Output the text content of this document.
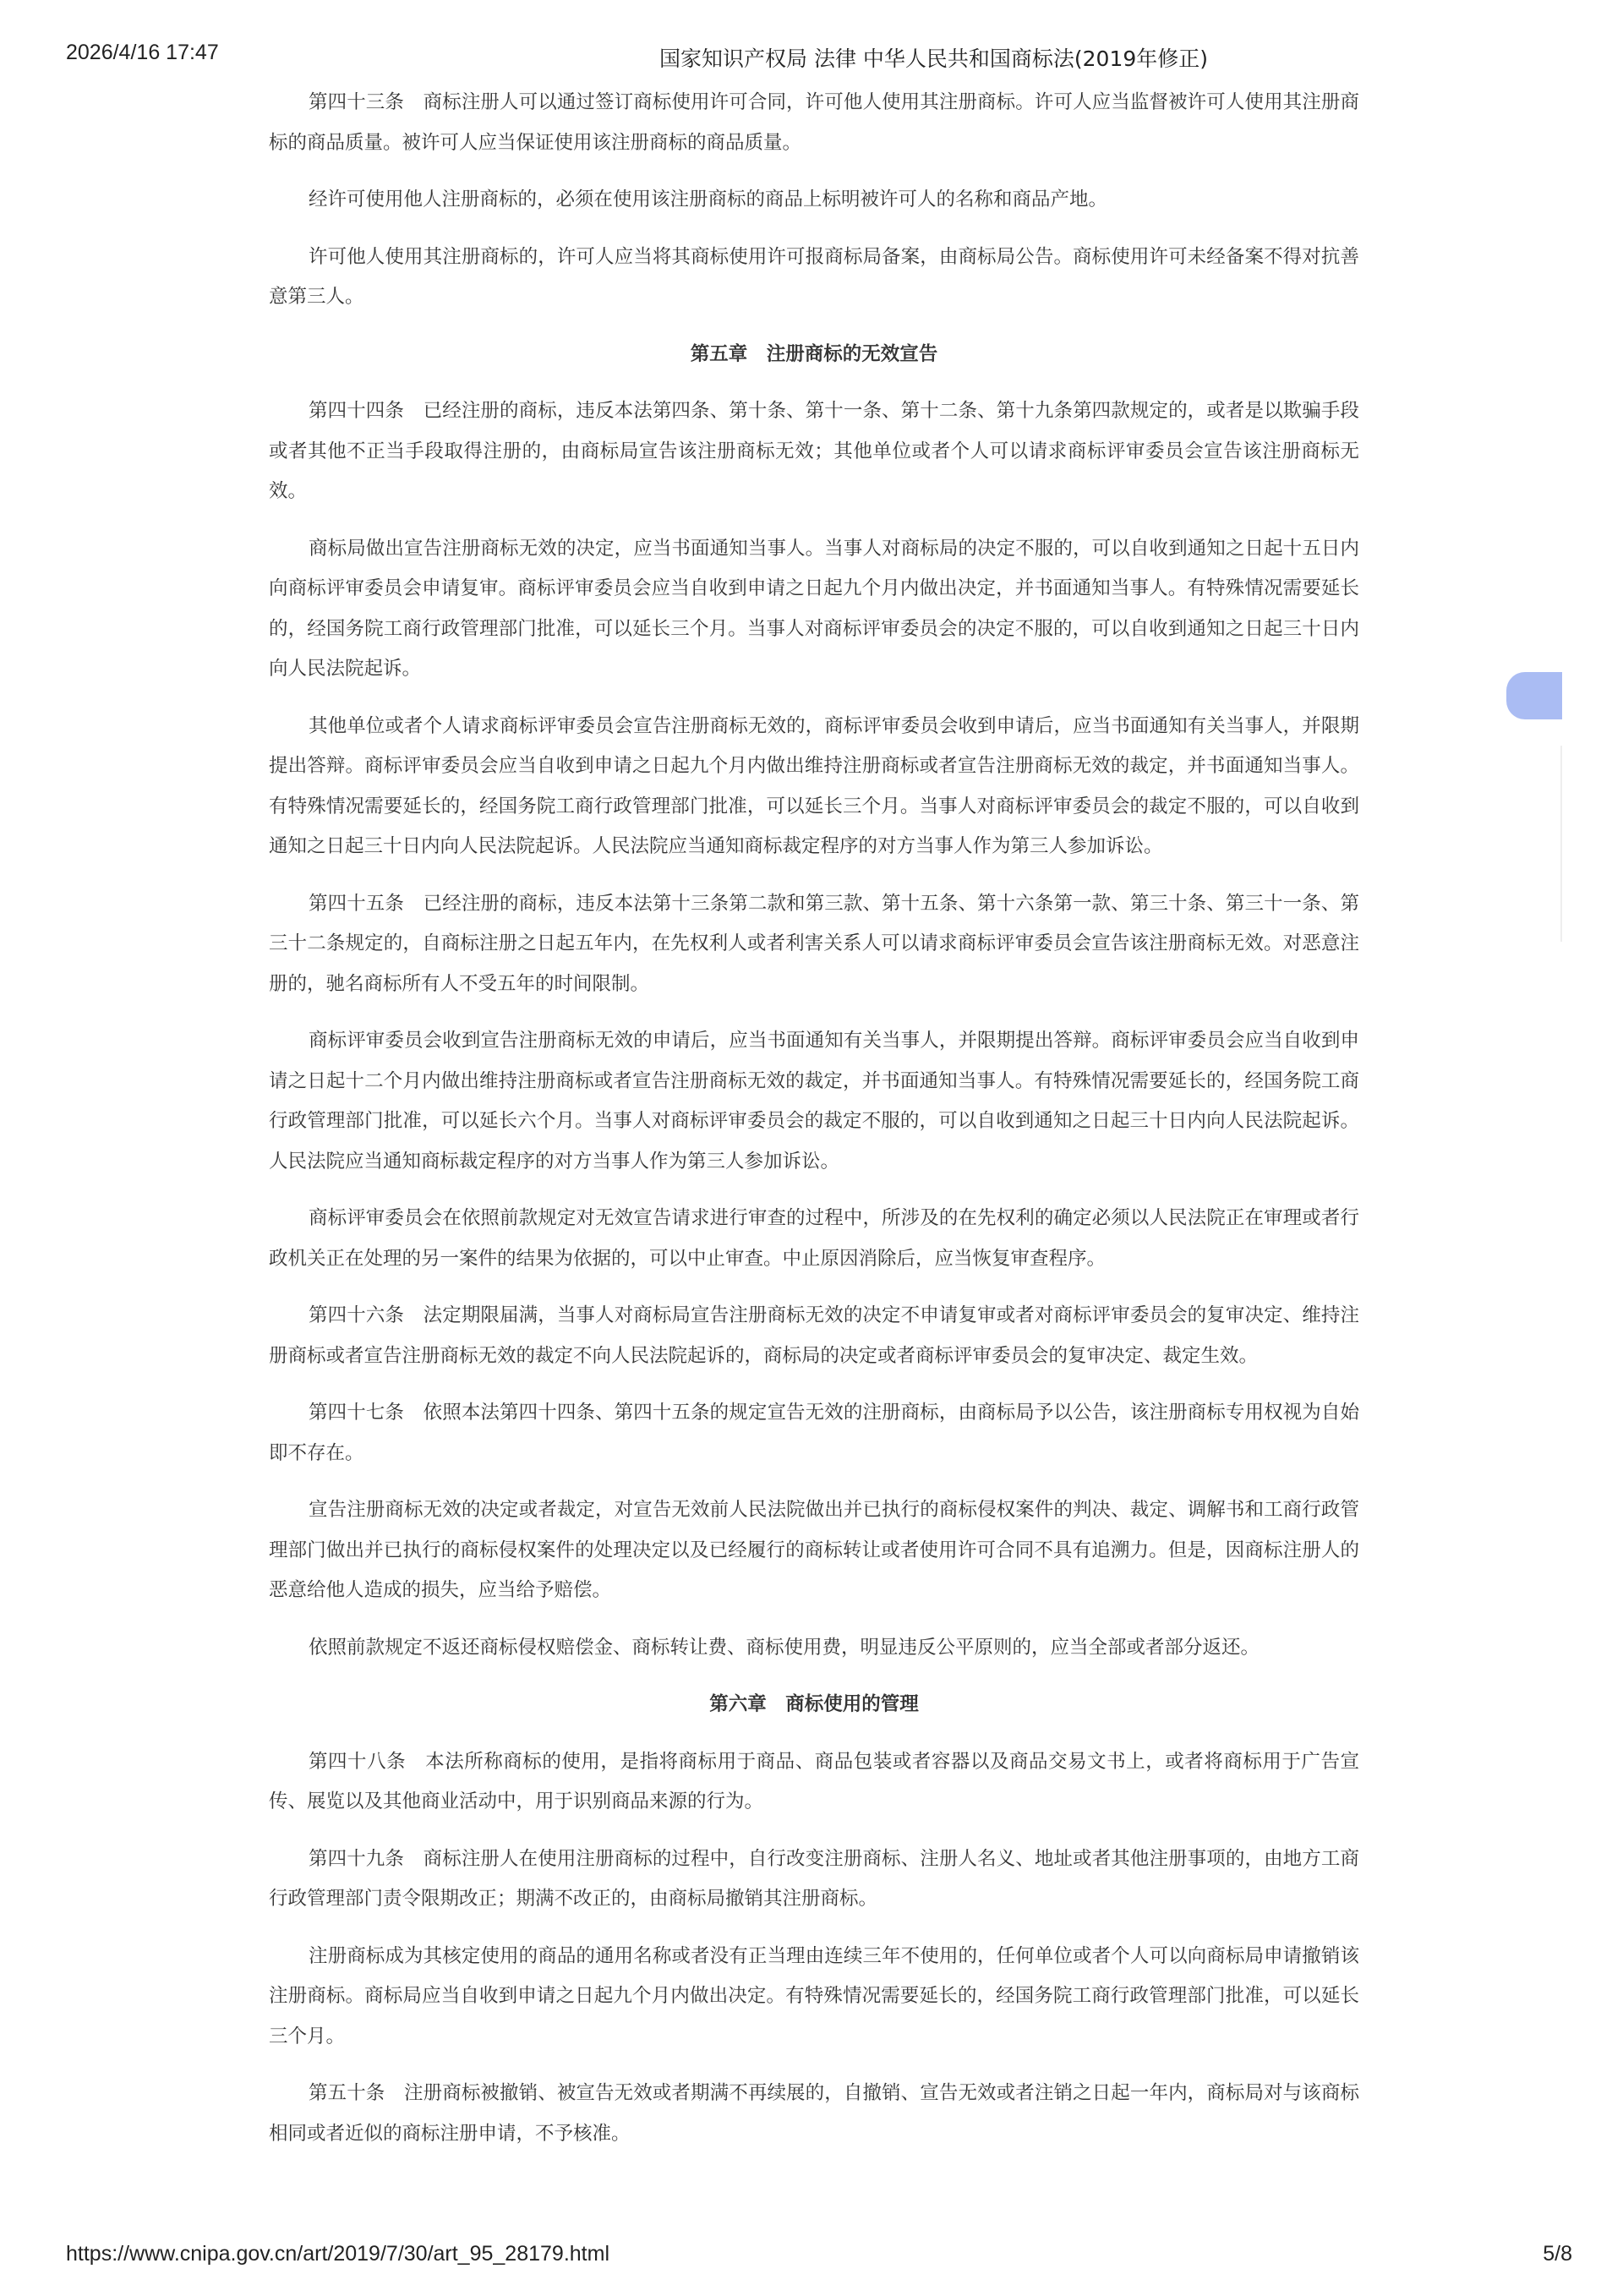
2026/4/16 17:47	国家知识产权局 法律 中华人民共和国商标法(2019年修正)

第四十三条　商标注册人可以通过签订商标使用许可合同，许可他人使用其注册商标。许可人应当监督被许可人使用其注册商标的商品质量。被许可人应当保证使用该注册商标的商品质量。

经许可使用他人注册商标的，必须在使用该注册商标的商品上标明被许可人的名称和商品产地。

许可他人使用其注册商标的，许可人应当将其商标使用许可报商标局备案，由商标局公告。商标使用许可未经备案不得对抗善意第三人。

第五章　注册商标的无效宣告

第四十四条　已经注册的商标，违反本法第四条、第十条、第十一条、第十二条、第十九条第四款规定的，或者是以欺骗手段或者其他不正当手段取得注册的，由商标局宣告该注册商标无效；其他单位或者个人可以请求商标评审委员会宣告该注册商标无效。

商标局做出宣告注册商标无效的决定，应当书面通知当事人。当事人对商标局的决定不服的，可以自收到通知之日起十五日内向商标评审委员会申请复审。商标评审委员会应当自收到申请之日起九个月内做出决定，并书面通知当事人。有特殊情况需要延长的，经国务院工商行政管理部门批准，可以延长三个月。当事人对商标评审委员会的决定不服的，可以自收到通知之日起三十日内向人民法院起诉。

其他单位或者个人请求商标评审委员会宣告注册商标无效的，商标评审委员会收到申请后，应当书面通知有关当事人，并限期提出答辩。商标评审委员会应当自收到申请之日起九个月内做出维持注册商标或者宣告注册商标无效的裁定，并书面通知当事人。有特殊情况需要延长的，经国务院工商行政管理部门批准，可以延长三个月。当事人对商标评审委员会的裁定不服的，可以自收到通知之日起三十日内向人民法院起诉。人民法院应当通知商标裁定程序的对方当事人作为第三人参加诉讼。

第四十五条　已经注册的商标，违反本法第十三条第二款和第三款、第十五条、第十六条第一款、第三十条、第三十一条、第三十二条规定的，自商标注册之日起五年内，在先权利人或者利害关系人可以请求商标评审委员会宣告该注册商标无效。对恶意注册的，驰名商标所有人不受五年的时间限制。

商标评审委员会收到宣告注册商标无效的申请后，应当书面通知有关当事人，并限期提出答辩。商标评审委员会应当自收到申请之日起十二个月内做出维持注册商标或者宣告注册商标无效的裁定，并书面通知当事人。有特殊情况需要延长的，经国务院工商行政管理部门批准，可以延长六个月。当事人对商标评审委员会的裁定不服的，可以自收到通知之日起三十日内向人民法院起诉。人民法院应当通知商标裁定程序的对方当事人作为第三人参加诉讼。

商标评审委员会在依照前款规定对无效宣告请求进行审查的过程中，所涉及的在先权利的确定必须以人民法院正在审理或者行政机关正在处理的另一案件的结果为依据的，可以中止审查。中止原因消除后，应当恢复审查程序。

第四十六条　法定期限届满，当事人对商标局宣告注册商标无效的决定不申请复审或者对商标评审委员会的复审决定、维持注册商标或者宣告注册商标无效的裁定不向人民法院起诉的，商标局的决定或者商标评审委员会的复审决定、裁定生效。

第四十七条　依照本法第四十四条、第四十五条的规定宣告无效的注册商标，由商标局予以公告，该注册商标专用权视为自始即不存在。

宣告注册商标无效的决定或者裁定，对宣告无效前人民法院做出并已执行的商标侵权案件的判决、裁定、调解书和工商行政管理部门做出并已执行的商标侵权案件的处理决定以及已经履行的商标转让或者使用许可合同不具有追溯力。但是，因商标注册人的恶意给他人造成的损失，应当给予赔偿。

依照前款规定不返还商标侵权赔偿金、商标转让费、商标使用费，明显违反公平原则的，应当全部或者部分返还。

第六章　商标使用的管理

第四十八条　本法所称商标的使用，是指将商标用于商品、商品包装或者容器以及商品交易文书上，或者将商标用于广告宣传、展览以及其他商业活动中，用于识别商品来源的行为。

第四十九条　商标注册人在使用注册商标的过程中，自行改变注册商标、注册人名义、地址或者其他注册事项的，由地方工商行政管理部门责令限期改正；期满不改正的，由商标局撤销其注册商标。

注册商标成为其核定使用的商品的通用名称或者没有正当理由连续三年不使用的，任何单位或者个人可以向商标局申请撤销该注册商标。商标局应当自收到申请之日起九个月内做出决定。有特殊情况需要延长的，经国务院工商行政管理部门批准，可以延长三个月。

第五十条　注册商标被撤销、被宣告无效或者期满不再续展的，自撤销、宣告无效或者注销之日起一年内，商标局对与该商标相同或者近似的商标注册申请，不予核准。

https://www.cnipa.gov.cn/art/2019/7/30/art_95_28179.html	5/8
